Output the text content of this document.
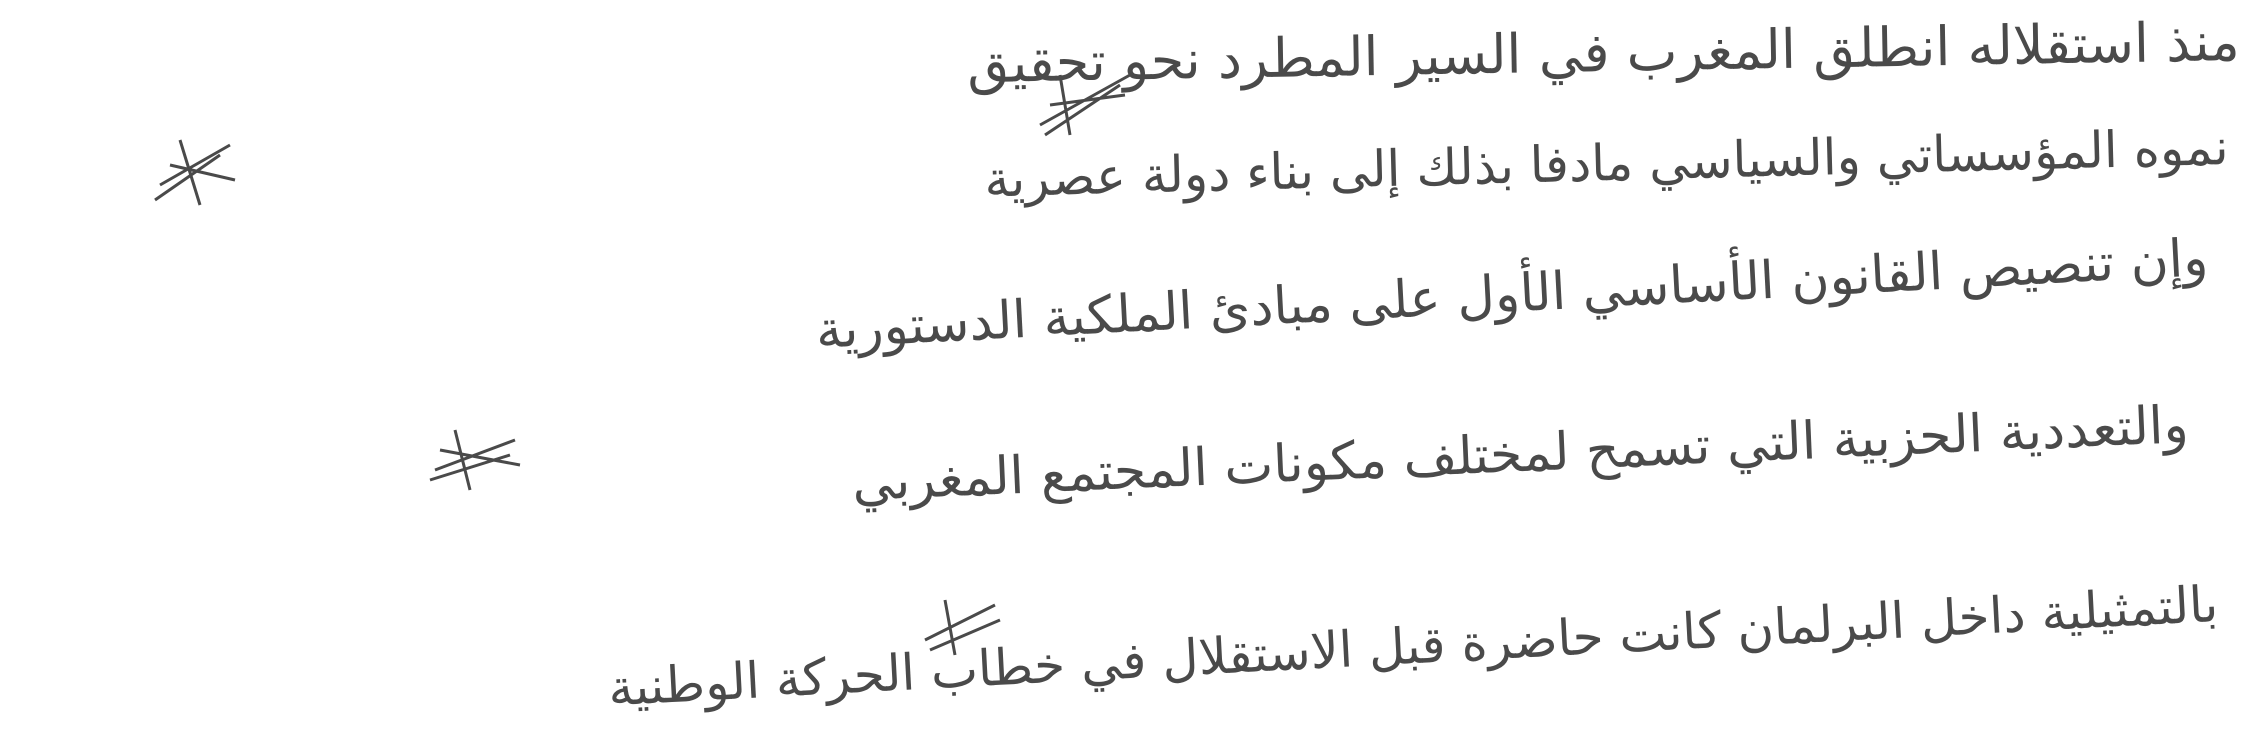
منذ استقلاله انطلق المغرب في السير المطرد نحو تحقيق
نموه المؤسساتي والسياسي مادفا بذلك إلى بناء دولة عصرية
وإن تنصيص القانون الأساسي الأول على مبادئ الملكية الدستورية
والتعددية الحزبية التي تسمح لمختلف مكونات المجتمع المغربي
بالتمثيلية داخل البرلمان كانت حاضرة قبل الاستقلال في خطاب الحركة الوطنية
